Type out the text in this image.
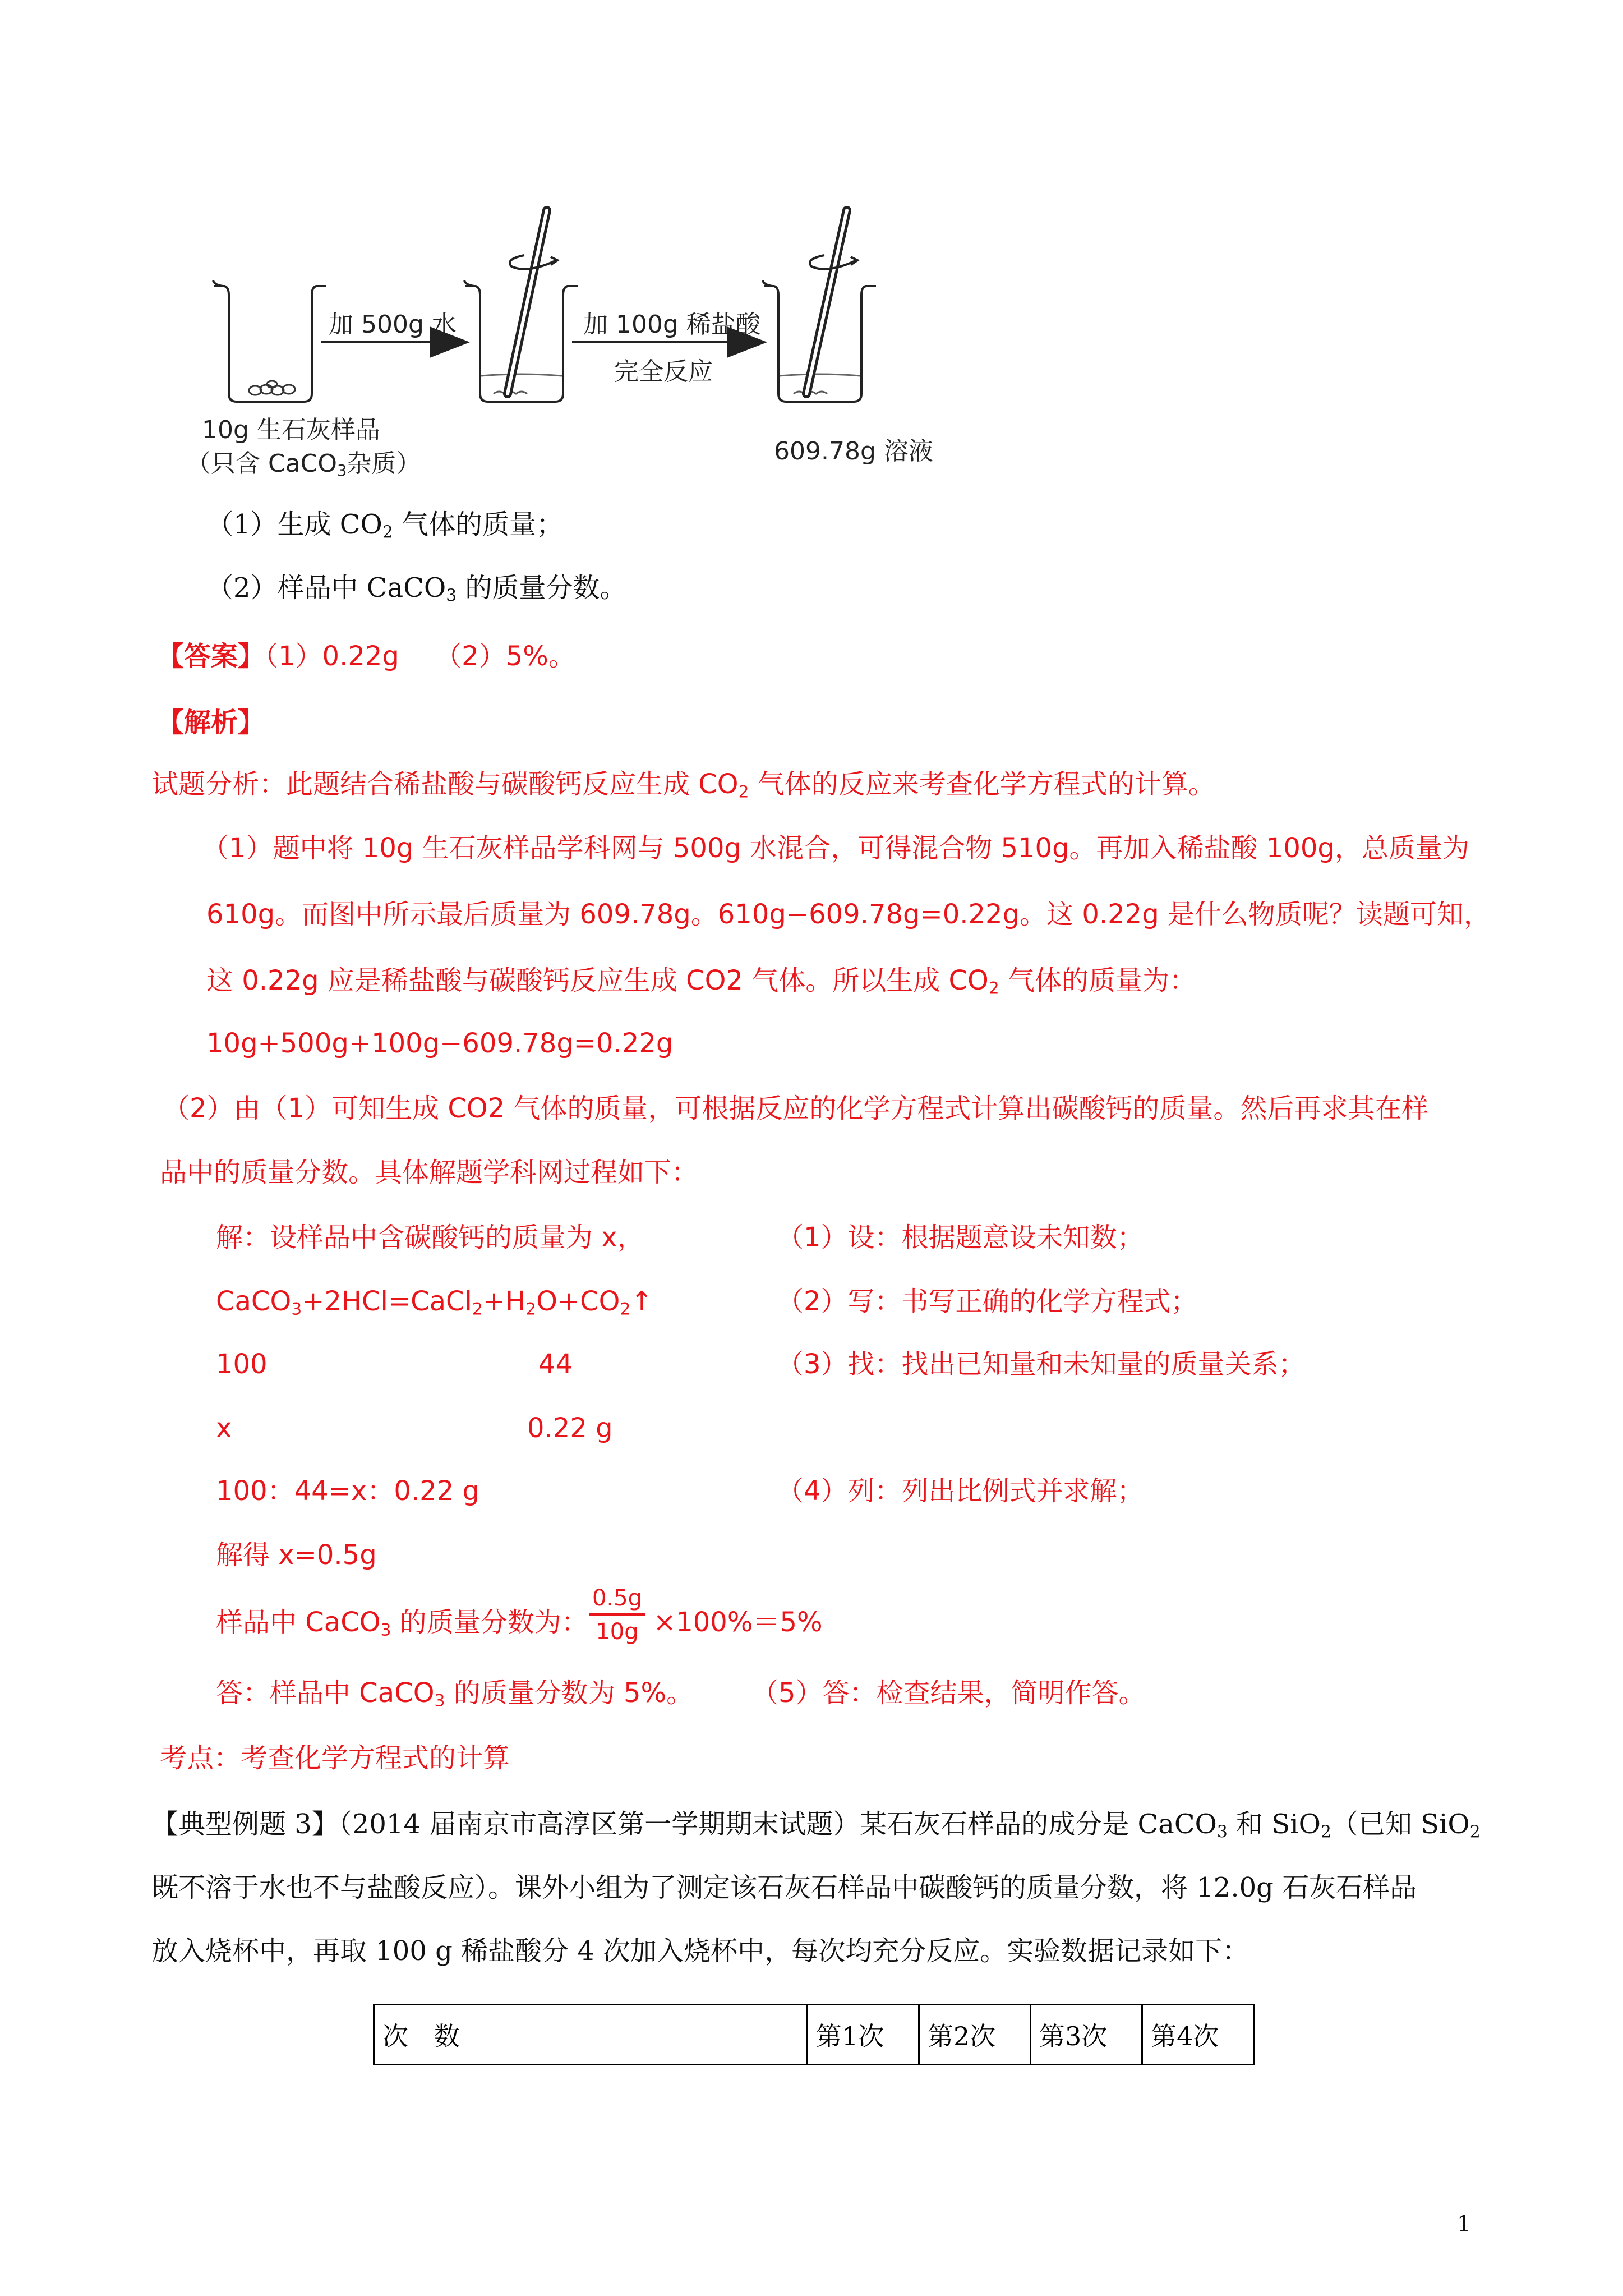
加 500g 水	加 100g 稀盐酸
完全反应
10g 生石灰样品
（只含 CaCO$_3$杂质）	609.78g 溶液
（1）生成 $CO_2$ 气体的质量；
（2）样品中 CaCO$_3$ 的质量分数。
【答案】（1）0.22g　 （2）5%。
【解析】
试题分析：此题结合稀盐酸与碳酸钙反应生成 $CO_2$ 气体的反应来考查化学方程式的计算。
（1）题中将 10g 生石灰样品学科网与 500g 水混合，可得混合物 510g。再加入稀盐酸 100g，总质量为
610g。而图中所示最后质量为 609.78g。610g−609.78g=0.22g。这 0.22g 是什么物质呢？读题可知，
这 0.22g 应是稀盐酸与碳酸钙反应生成 CO2 气体。所以生成 $CO_2$ 气体的质量为：
10g+500g+100g−609.78g=0.22g
（2）由（1）可知生成 CO2 气体的质量，可根据反应的化学方程式计算出碳酸钙的质量。然后再求其在样
品中的质量分数。具体解题学科网过程如下：
解：设样品中含碳酸钙的质量为 x，	（1）设：根据题意设未知数；
$CaCO_3+2HCl=CaCl_2+H_2O+CO_2↑$	（2）写：书写正确的化学方程式；
100	44	（3）找：找出已知量和未知量的质量关系；
x	0.22 g
100：44=x：0.22 g	（4）列：列出比例式并求解；
解得 x=0.5g
样品中 CaCO$_3$ 的质量分数为： $\frac{0.5g}{10g} \times 100\%=5\%$
答：样品中 CaCO$_3$ 的质量分数为 5%。 （5）答：检查结果，简明作答。
考点：考查化学方程式的计算
【典型例题 3】（2014 届南京市高淳区第一学期期末试题）某石灰石样品的成分是 CaCO$_3$ 和 SiO$_2$（已知 SiO$_2$
既不溶于水也不与盐酸反应）。课外小组为了测定该石灰石样品中碳酸钙的质量分数，将 12.0g 石灰石样品
放入烧杯中，再取 100 g 稀盐酸分 4 次加入烧杯中，每次均充分反应。实验数据记录如下：
次　数	第1次	第2次	第3次	第4次
1
